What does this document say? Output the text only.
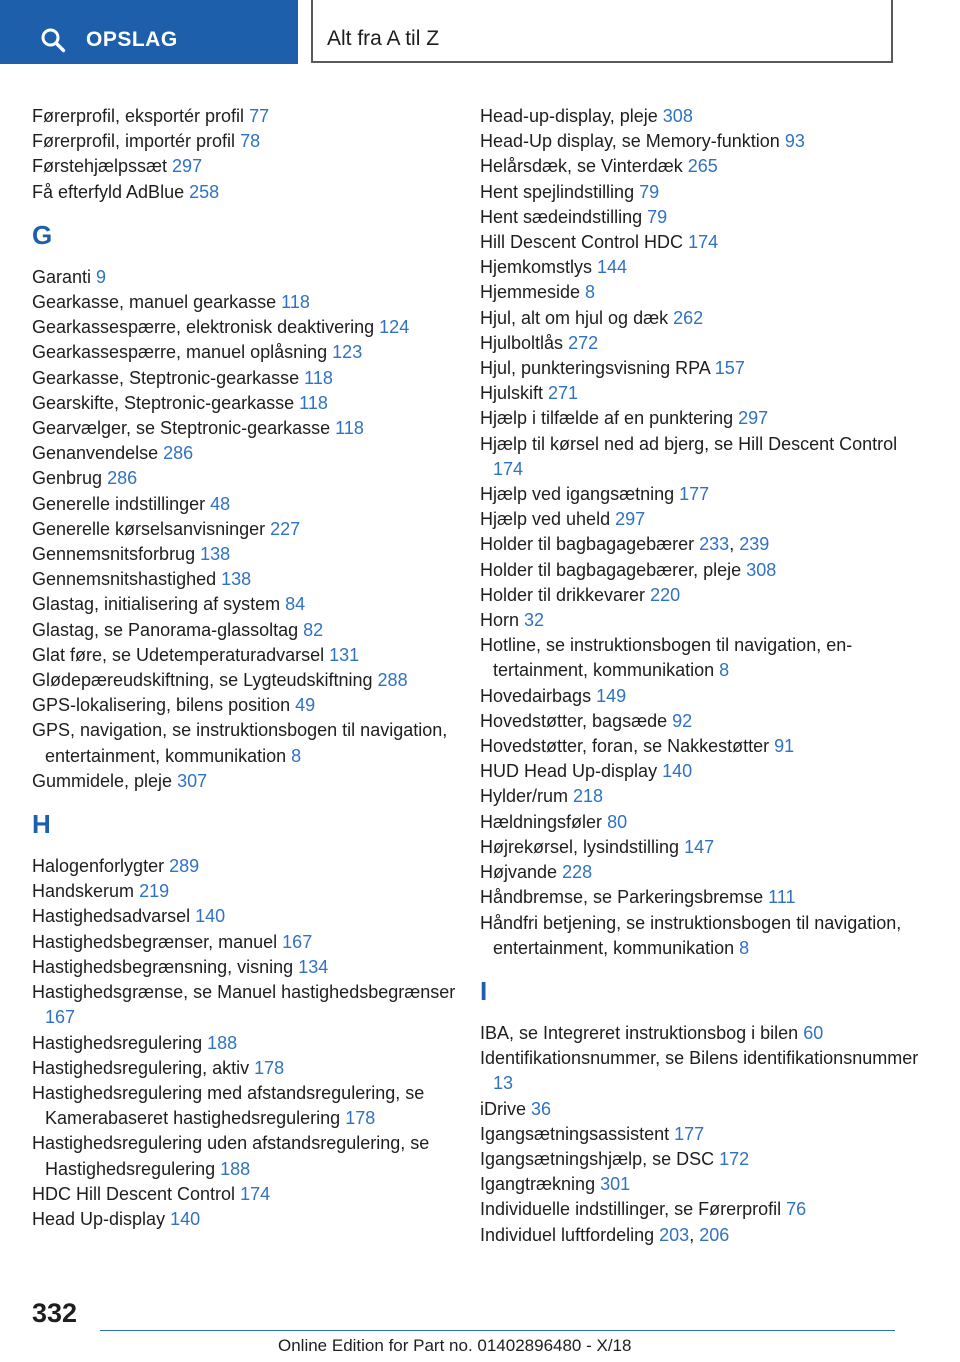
OPSLAG	Alt fra A til Z
Førerprofil, eksportér profil 77
Førerprofil, importér profil 78
Førstehjælpssæt 297
Få efterfyld AdBlue 258
G
Garanti 9
Gearkasse, manuel gearkasse 118
Gearkassespærre, elektronisk deaktivering 124
Gearkassespærre, manuel oplåsning 123
Gearkasse, Steptronic-gearkasse 118
Gearskifte, Steptronic-gearkasse 118
Gearvælger, se Steptronic-gearkasse 118
Genanvendelse 286
Genbrug 286
Generelle indstillinger 48
Generelle kørselsanvisninger 227
Gennemsnitsforbrug 138
Gennemsnitshastighed 138
Glastag, initialisering af system 84
Glastag, se Panorama-glassoltag 82
Glat føre, se Udetemperaturadvarsel 131
Glødepæreudskiftning, se Lygteudskiftning 288
GPS-lokalisering, bilens position 49
GPS, navigation, se instruktionsbogen til navigation, entertainment, kommunikation 8
Gummidele, pleje 307
H
Halogenforlygter 289
Handskerum 219
Hastighedsadvarsel 140
Hastighedsbegrænser, manuel 167
Hastighedsbegrænsning, visning 134
Hastighedsgrænse, se Manuel hastighedsbegrænser 167
Hastighedsregulering 188
Hastighedsregulering, aktiv 178
Hastighedsregulering med afstandsregulering, se Kamerabaseret hastighedsregulering 178
Hastighedsregulering uden afstandsregulering, se Hastighedsregulering 188
HDC Hill Descent Control 174
Head Up-display 140
Head-up-display, pleje 308
Head-Up display, se Memory-funktion 93
Helårsdæk, se Vinterdæk 265
Hent spejlindstilling 79
Hent sædeindstilling 79
Hill Descent Control HDC 174
Hjemkomstlys 144
Hjemmeside 8
Hjul, alt om hjul og dæk 262
Hjulboltlås 272
Hjul, punkteringsvisning RPA 157
Hjulskift 271
Hjælp i tilfælde af en punktering 297
Hjælp til kørsel ned ad bjerg, se Hill Descent Control 174
Hjælp ved igangsætning 177
Hjælp ved uheld 297
Holder til bagbagagebærer 233, 239
Holder til bagbagagebærer, pleje 308
Holder til drikkevarer 220
Horn 32
Hotline, se instruktionsbogen til navigation, entertainment, kommunikation 8
Hovedairbags 149
Hovedstøtter, bagsæde 92
Hovedstøtter, foran, se Nakkestøtter 91
HUD Head Up-display 140
Hylder/rum 218
Hældningsføler 80
Højrekørsel, lysindstilling 147
Højvande 228
Håndbremse, se Parkeringsbremse 111
Håndfri betjening, se instruktionsbogen til navigation, entertainment, kommunikation 8
I
IBA, se Integreret instruktionsbog i bilen 60
Identifikationsnummer, se Bilens identifikationsnummer 13
iDrive 36
Igangsætningsassistent 177
Igangsætningshjælp, se DSC 172
Igangtrækning 301
Individuelle indstillinger, se Førerprofil 76
Individuel luftfordeling 203, 206
332
Online Edition for Part no. 01402896480 - X/18
